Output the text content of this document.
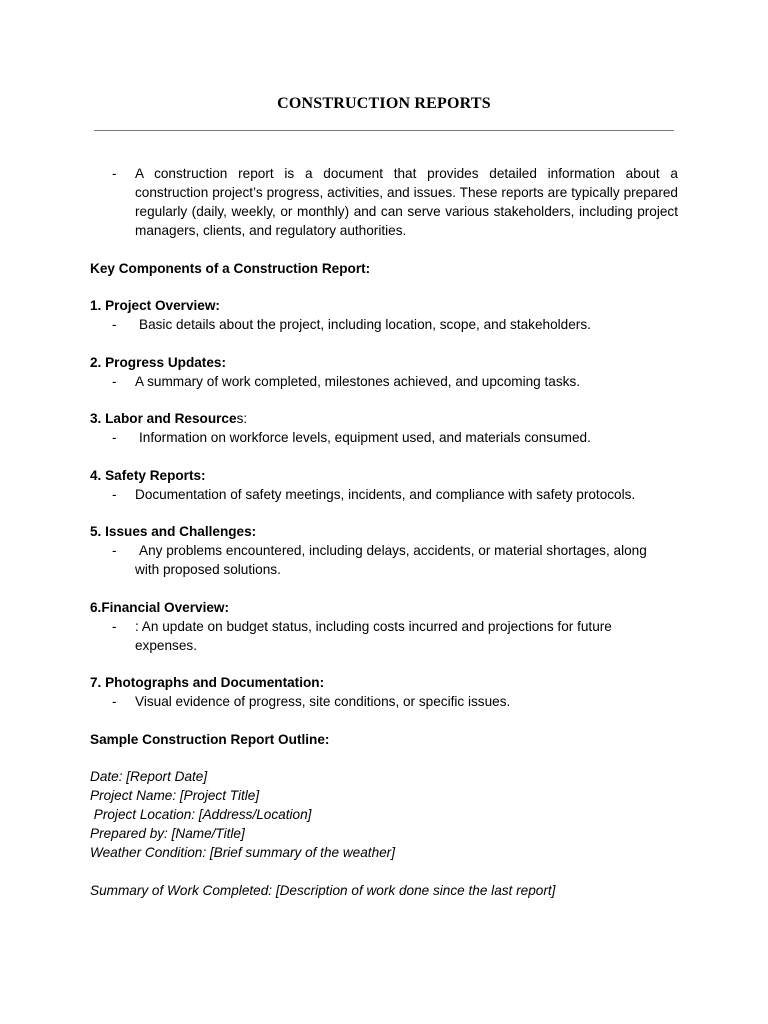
CONSTRUCTION REPORTS
- A construction report is a document that provides detailed information about a construction project’s progress, activities, and issues. These reports are typically prepared regularly (daily, weekly, or monthly) and can serve various stakeholders, including project managers, clients, and regulatory authorities.
Key Components of a Construction Report:
1. Project Overview:
- Basic details about the project, including location, scope, and stakeholders.
2. Progress Updates:
- A summary of work completed, milestones achieved, and upcoming tasks.
3. Labor and Resources:
- Information on workforce levels, equipment used, and materials consumed.
4. Safety Reports:
- Documentation of safety meetings, incidents, and compliance with safety protocols.
5. Issues and Challenges:
- Any problems encountered, including delays, accidents, or material shortages, along with proposed solutions.
6.Financial Overview:
- : An update on budget status, including costs incurred and projections for future expenses.
7. Photographs and Documentation:
- Visual evidence of progress, site conditions, or specific issues.
Sample Construction Report Outline:
Date: [Report Date]
Project Name: [Project Title]
Project Location: [Address/Location]
Prepared by: [Name/Title]
Weather Condition: [Brief summary of the weather]
Summary of Work Completed: [Description of work done since the last report]
